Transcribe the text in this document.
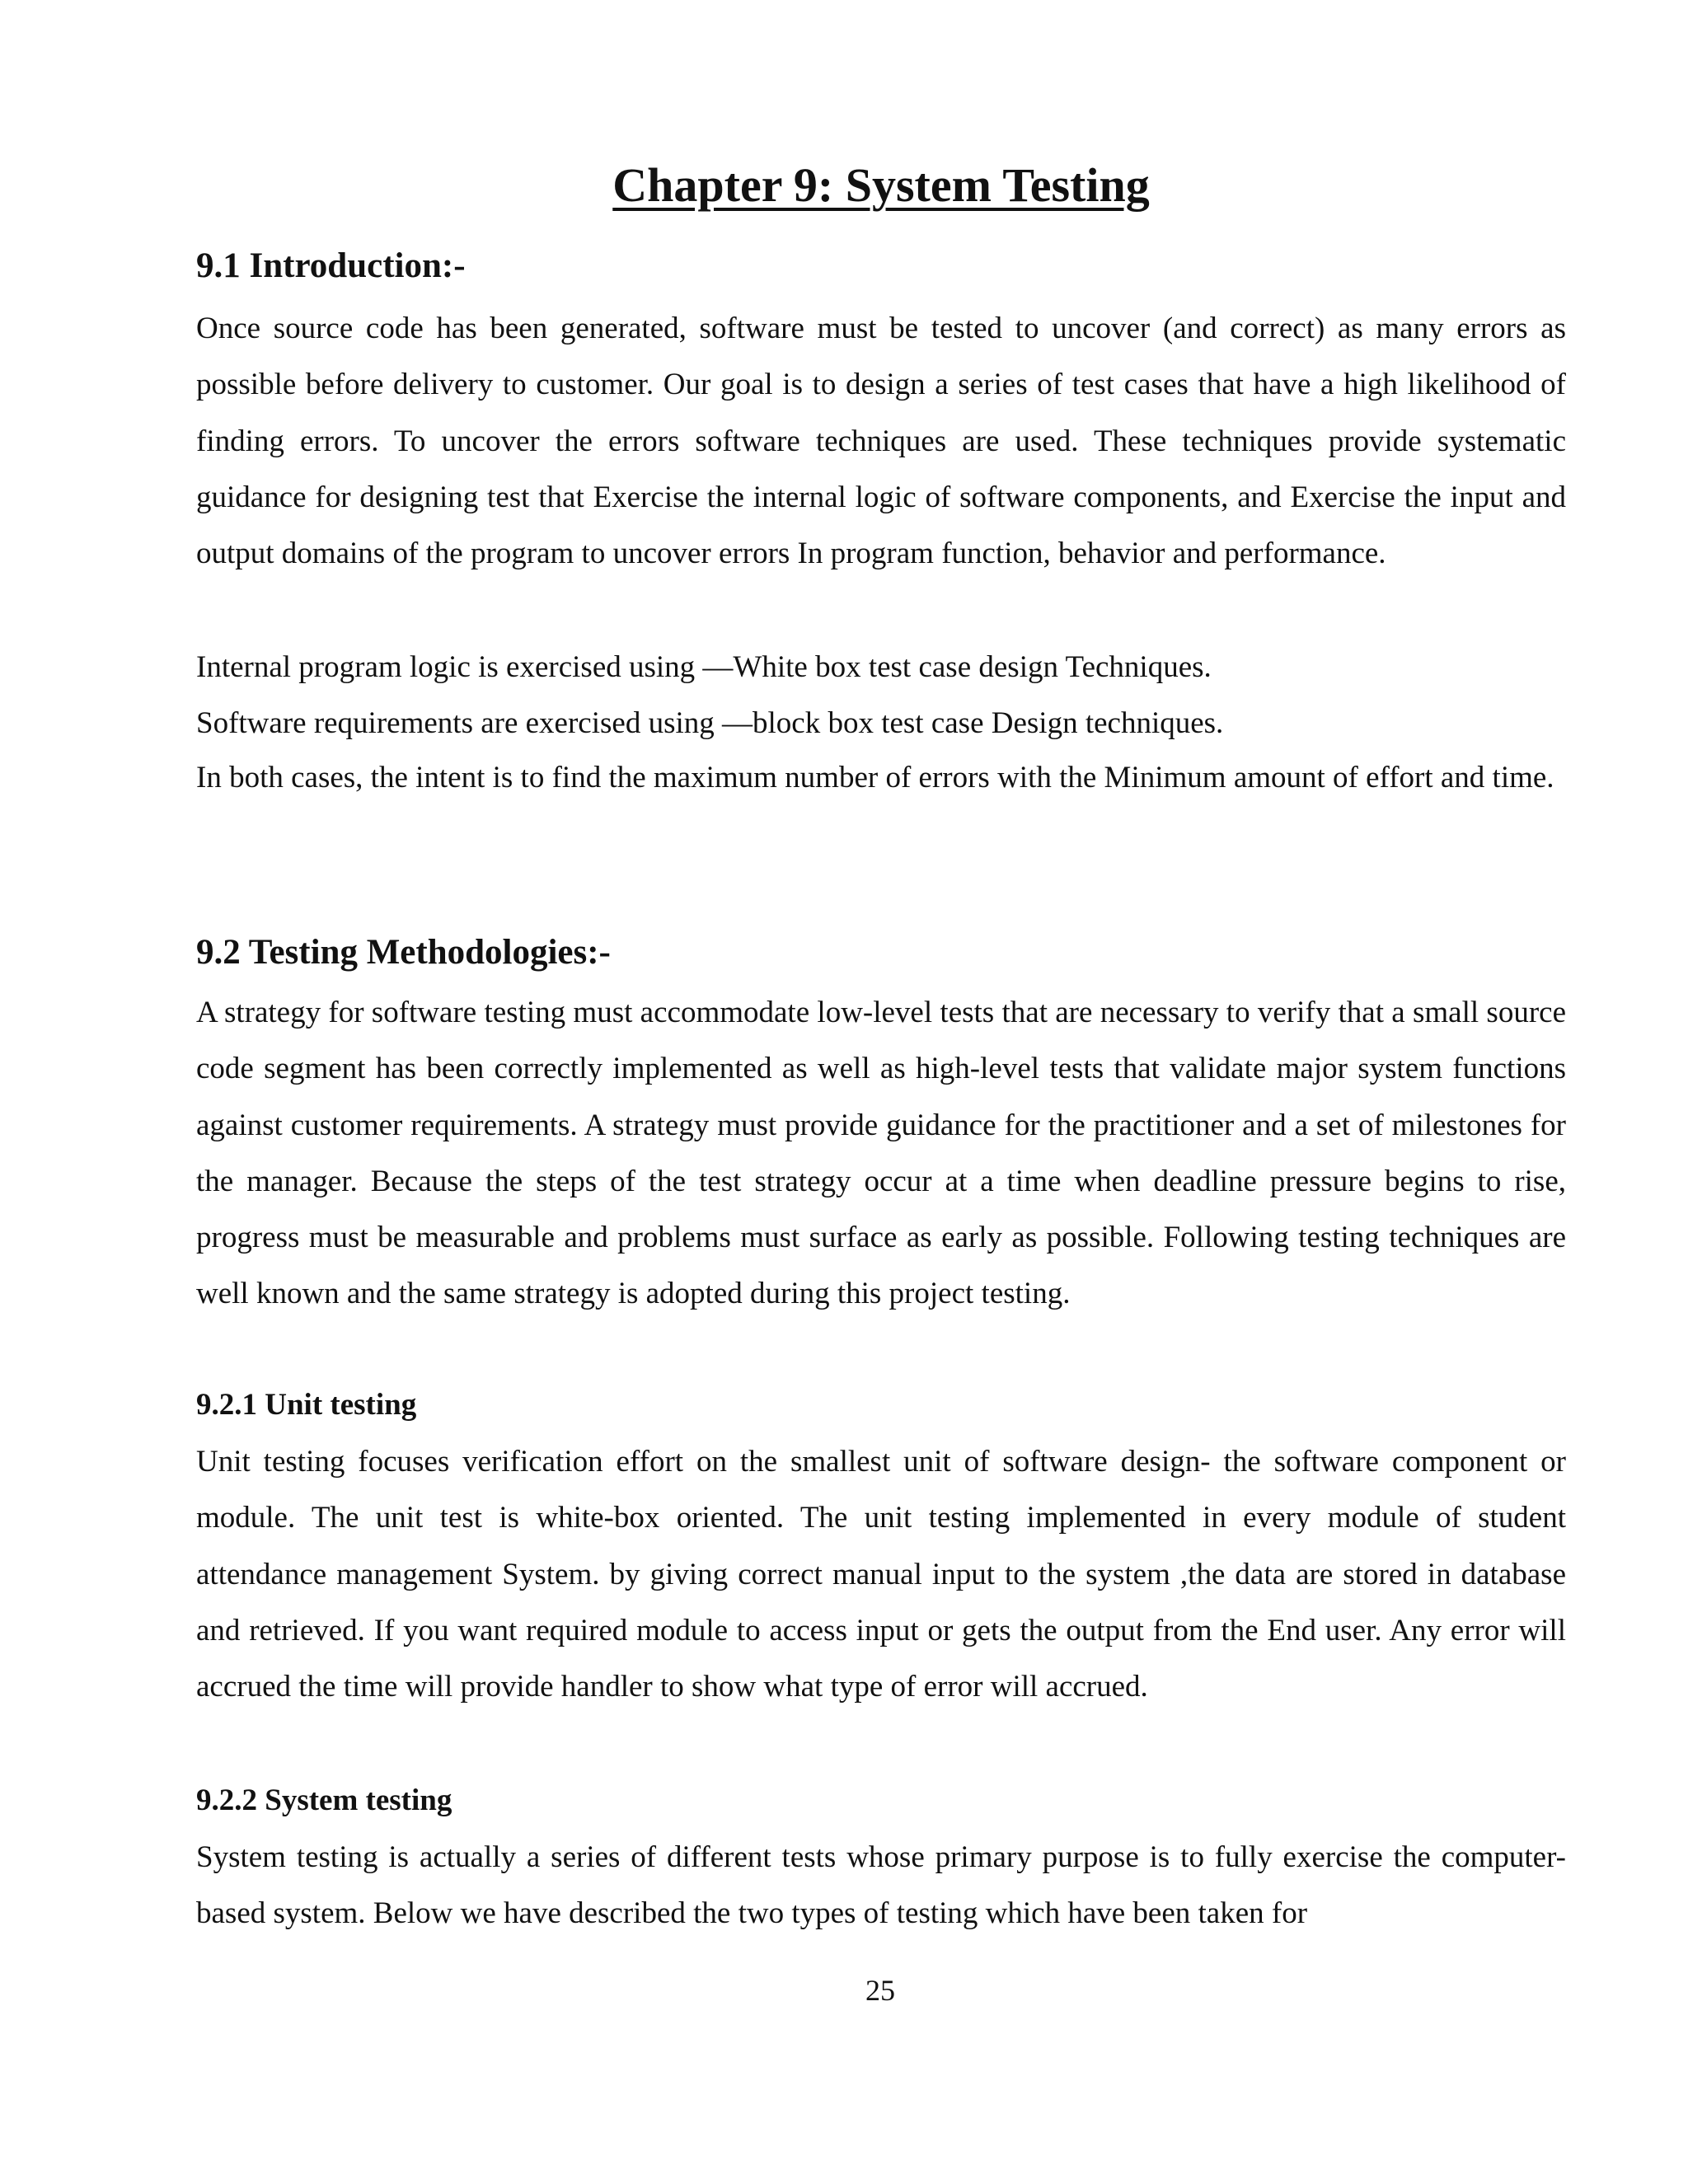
Chapter 9: System Testing
9.1 Introduction:-

Once source code has been generated, software must be tested to uncover (and correct) as many errors as possible before delivery to customer. Our goal is to design a series of test cases that have a high likelihood of finding errors. To uncover the errors software techniques are used. These techniques provide systematic guidance for designing test that Exercise the internal logic of software components, and Exercise the input and output domains of the program to uncover errors In program function, behavior and performance.

Internal program logic is exercised using ―White box test case design Techniques.

Software requirements are exercised using ―block box test case Design techniques.

In both cases, the intent is to find the maximum number of errors with the Minimum amount of effort and time.

9.2 Testing Methodologies:-

A strategy for software testing must accommodate low-level tests that are necessary to verify that a small source code segment has been correctly implemented as well as high-level tests that validate major system functions against customer requirements. A strategy must provide guidance for the practitioner and a set of milestones for the manager. Because the steps of the test strategy occur at a time when deadline pressure begins to rise, progress must be measurable and problems must surface as early as possible. Following testing techniques are well known and the same strategy is adopted during this project testing.

9.2.1 Unit testing

Unit testing focuses verification effort on the smallest unit of software design- the software component or module. The unit test is white-box oriented. The unit testing implemented in every module of student attendance management System. by giving correct manual input to the system ,the data are stored in database and retrieved. If you want required module to access input or gets the output from the End user. Any error will accrued the time will provide handler to show what type of error will accrued.

9.2.2 System testing

System testing is actually a series of different tests whose primary purpose is to fully exercise the computer-based system. Below we have described the two types of testing which have been taken for

25
